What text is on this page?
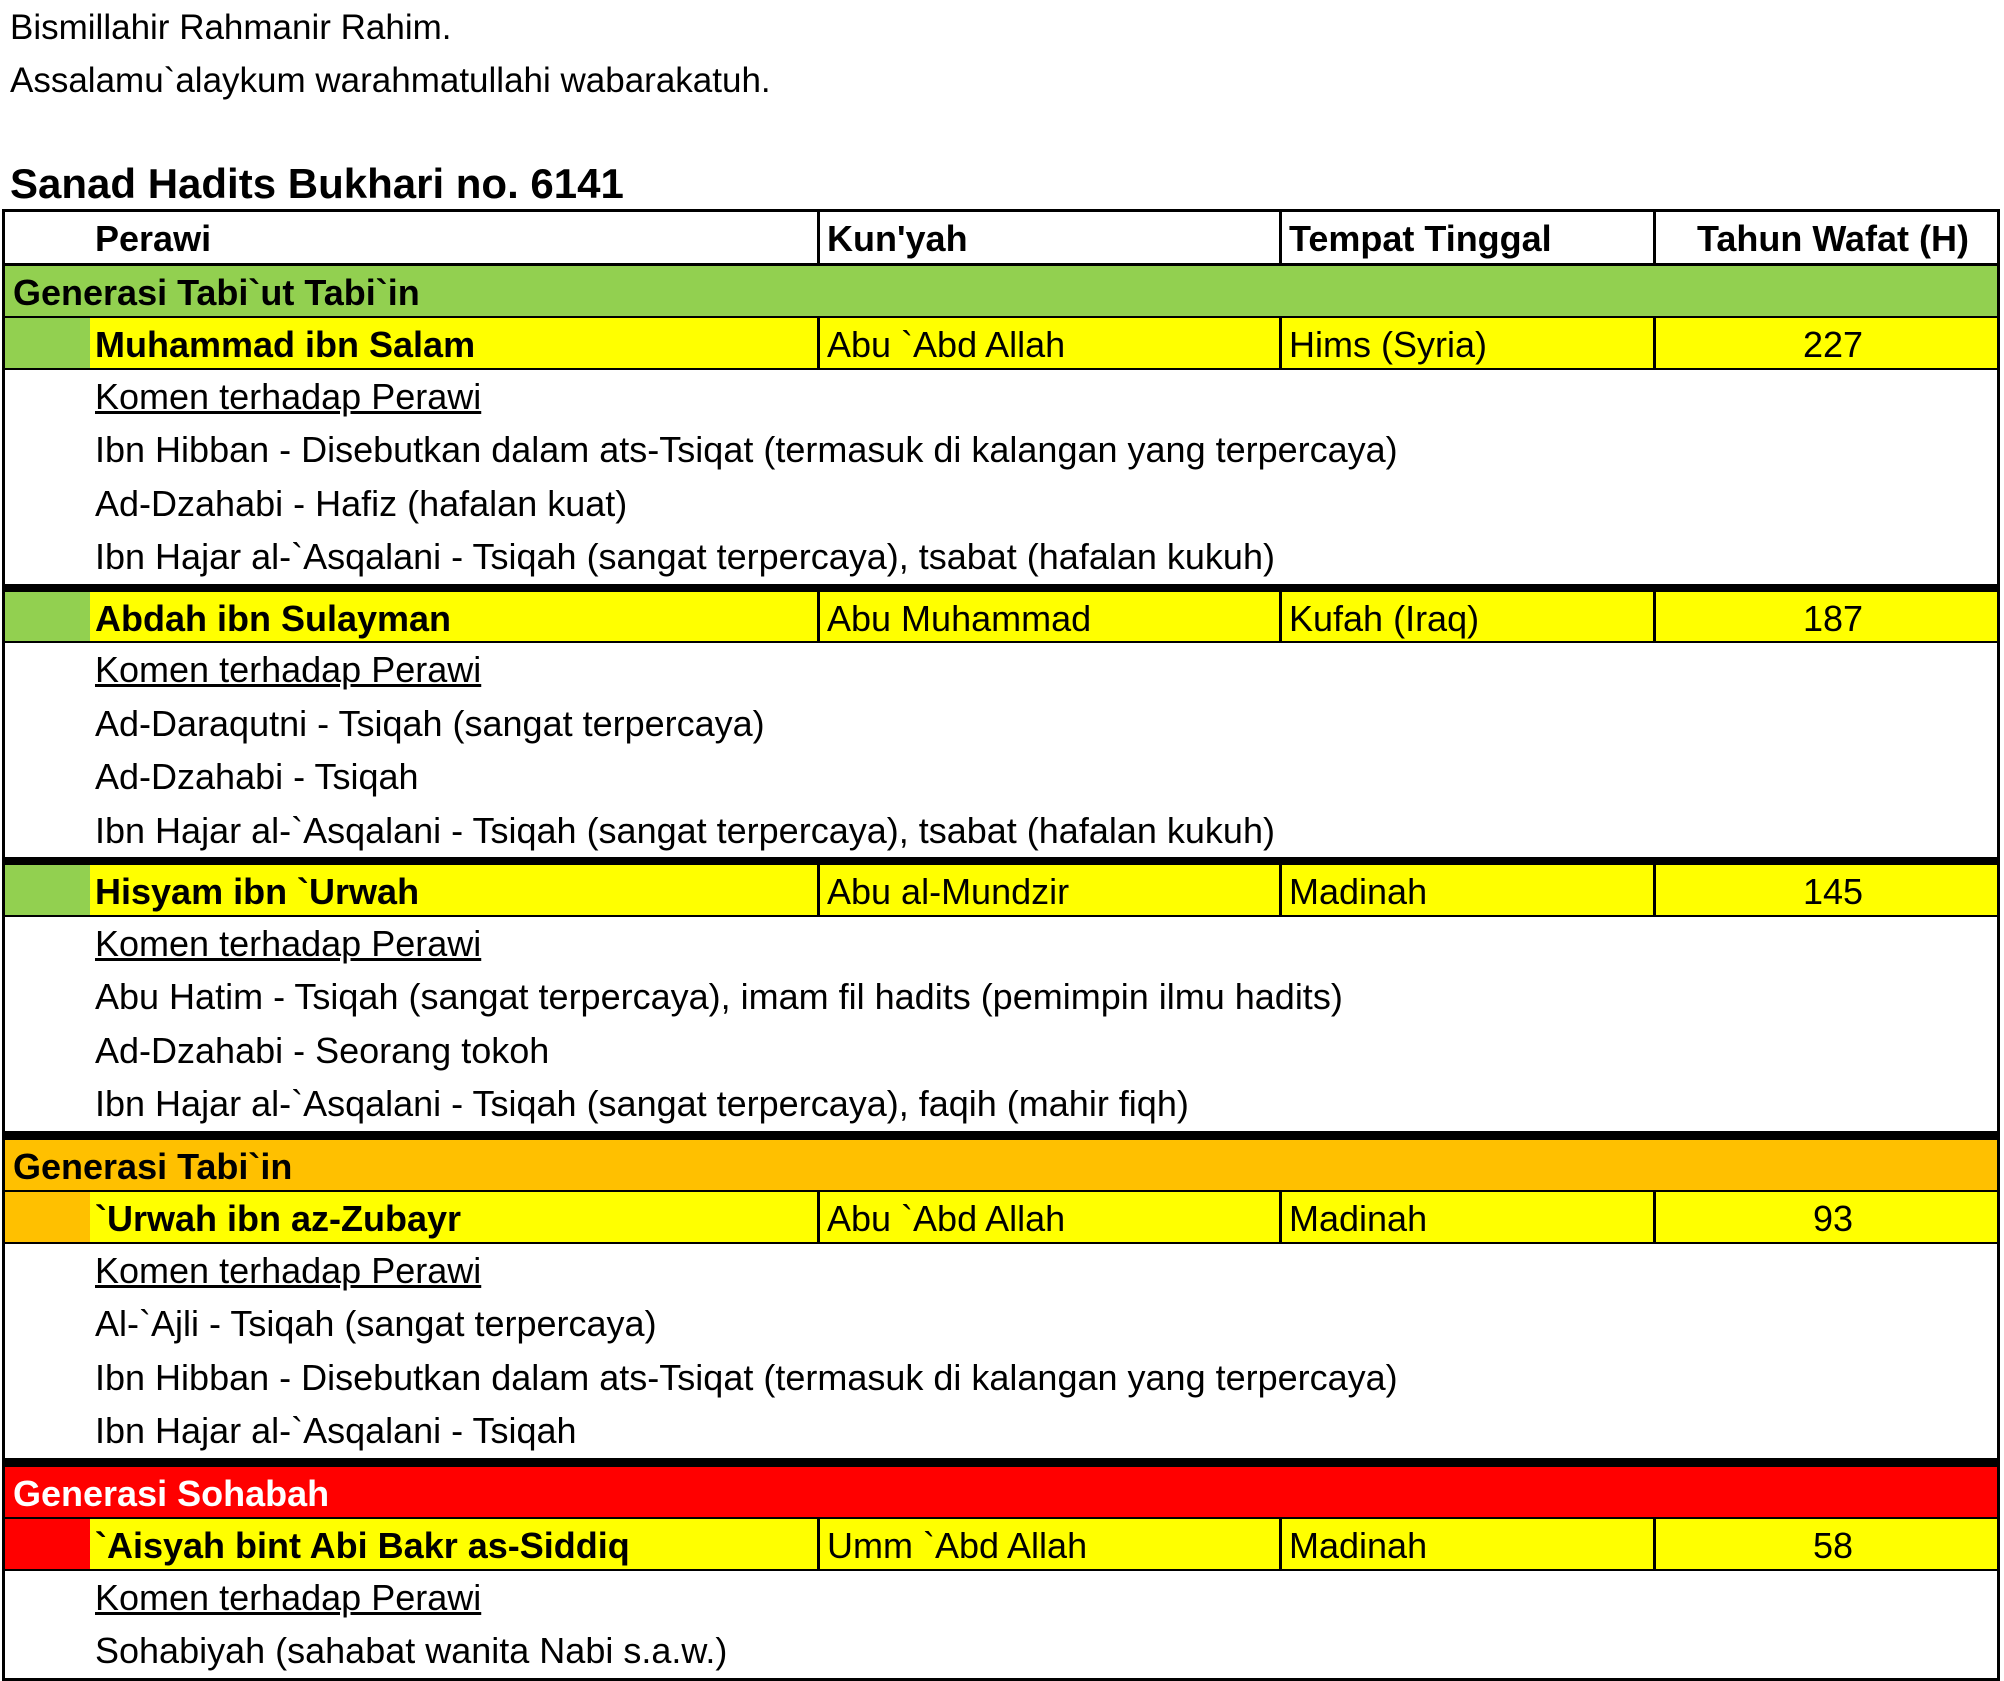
Bismillahir Rahmanir Rahim.
Assalamu`alaykum warahmatullahi wabarakatuh.
Sanad Hadits Bukhari no. 6141
Perawi	Kun'yah	Tempat Tinggal	Tahun Wafat (H)
Generasi Tabi`ut Tabi`in
Muhammad ibn Salam	Abu `Abd Allah	Hims (Syria)	227
Komen terhadap Perawi
Ibn Hibban - Disebutkan dalam ats-Tsiqat (termasuk di kalangan yang terpercaya)
Ad-Dzahabi - Hafiz (hafalan kuat)
Ibn Hajar al-`Asqalani - Tsiqah (sangat terpercaya), tsabat (hafalan kukuh)
Abdah ibn Sulayman	Abu Muhammad	Kufah (Iraq)	187
Komen terhadap Perawi
Ad-Daraqutni - Tsiqah (sangat terpercaya)
Ad-Dzahabi - Tsiqah
Ibn Hajar al-`Asqalani - Tsiqah (sangat terpercaya), tsabat (hafalan kukuh)
Hisyam ibn `Urwah	Abu al-Mundzir	Madinah	145
Komen terhadap Perawi
Abu Hatim - Tsiqah (sangat terpercaya), imam fil hadits (pemimpin ilmu hadits)
Ad-Dzahabi - Seorang tokoh
Ibn Hajar al-`Asqalani - Tsiqah (sangat terpercaya), faqih (mahir fiqh)
Generasi Tabi`in
`Urwah ibn az-Zubayr	Abu `Abd Allah	Madinah	93
Komen terhadap Perawi
Al-`Ajli - Tsiqah (sangat terpercaya)
Ibn Hibban - Disebutkan dalam ats-Tsiqat (termasuk di kalangan yang terpercaya)
Ibn Hajar al-`Asqalani - Tsiqah
Generasi Sohabah
`Aisyah bint Abi Bakr as-Siddiq	Umm `Abd Allah	Madinah	58
Komen terhadap Perawi
Sohabiyah (sahabat wanita Nabi s.a.w.)
